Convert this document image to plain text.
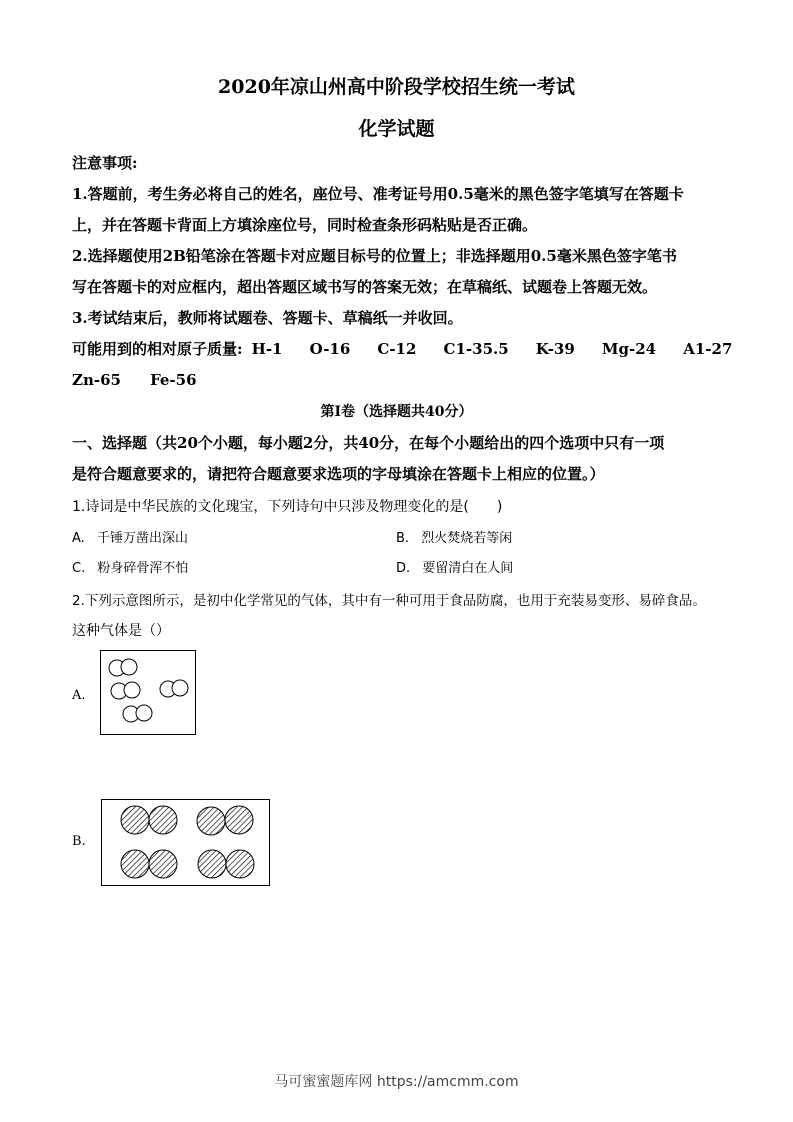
2020年凉山州高中阶段学校招生统一考试
化学试题
注意事项:
1.答题前，考生务必将自己的姓名，座位号、准考证号用0.5毫米的黑色签字笔填写在答题卡
上，并在答题卡背面上方填涂座位号，同时检查条形码粘贴是否正确。
2.选择题使用2B铅笔涂在答题卡对应题目标号的位置上；非选择题用0.5毫米黑色签字笔书
写在答题卡的对应框内，超出答题区域书写的答案无效；在草稿纸、试题卷上答题无效。
3.考试结束后，教师将试题卷、答题卡、草稿纸一并收回。
可能用到的相对原子质量: H-1 O-16 C-12 C1-35.5 K-39 Mg-24 A1-27
Zn-65 Fe-56
第I卷（选择题共40分）
一、选择题（共20个小题，每小题2分，共40分，在每个小题给出的四个选项中只有一项
是符合题意要求的，请把符合题意要求选项的字母填涂在答题卡上相应的位置。）
1.诗词是中华民族的文化瑰宝，下列诗句中只涉及物理变化的是(　　)
A. 千锤万凿出深山	B. 烈火焚烧若等闲
C. 粉身碎骨浑不怕	D. 要留清白在人间
2.下列示意图所示，是初中化学常见的气体，其中有一种可用于食品防腐，也用于充装易变形、易碎食品。
这种气体是（）
A.
B.
马可蜜蜜题库网 https://amcmm.com
